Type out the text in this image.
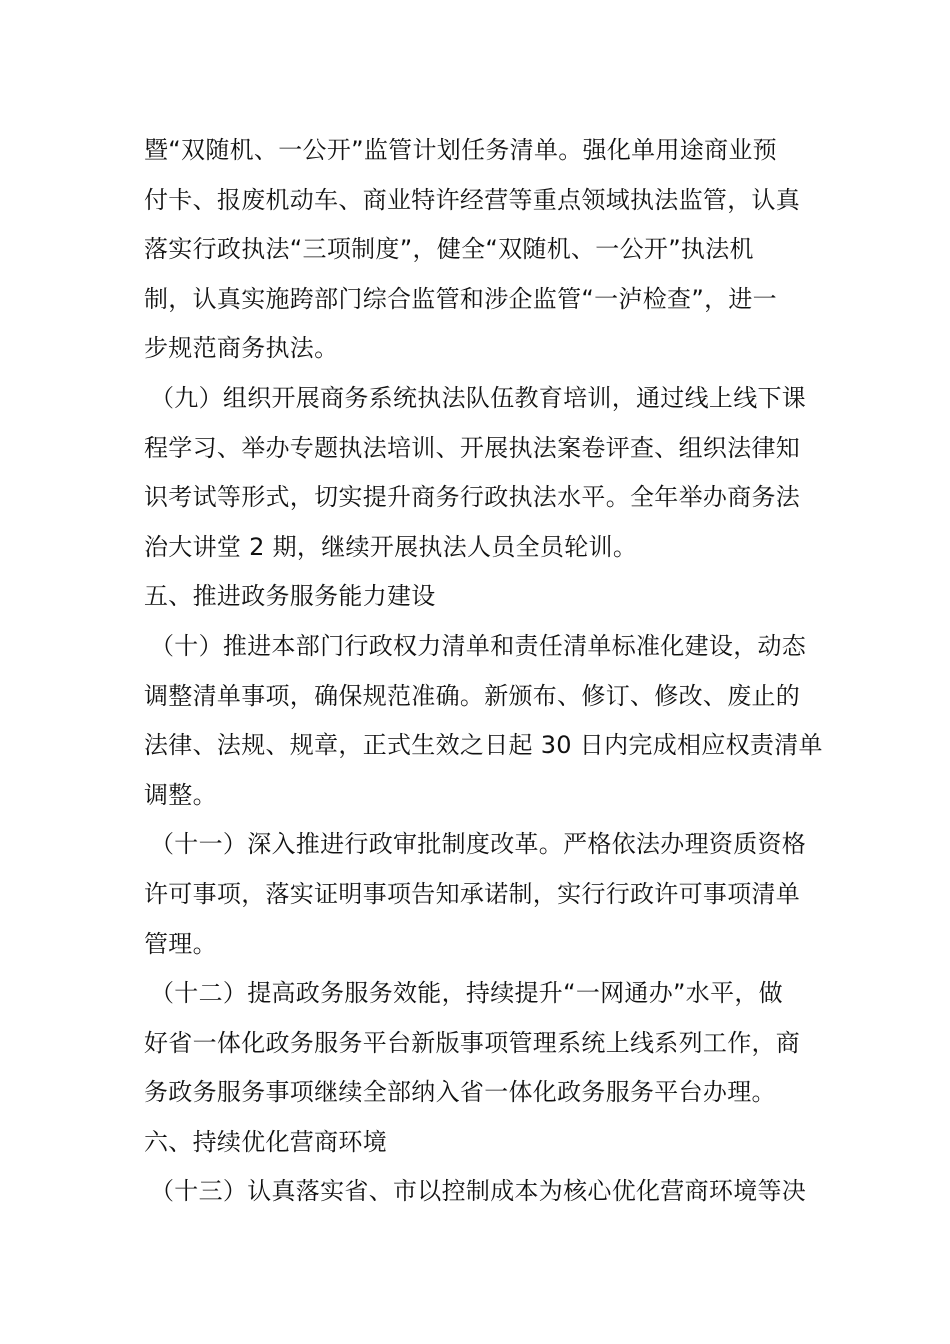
暨“双随机、一公开”监管计划任务清单。强化单用途商业预
付卡、报废机动车、商业特许经营等重点领域执法监管，认真
落实行政执法“三项制度”，健全“双随机、一公开”执法机
制，认真实施跨部门综合监管和涉企监管“一泸检查”，进一
步规范商务执法。
（九）组织开展商务系统执法队伍教育培训，通过线上线下课
程学习、举办专题执法培训、开展执法案卷评查、组织法律知
识考试等形式，切实提升商务行政执法水平。全年举办商务法
治大讲堂 2 期，继续开展执法人员全员轮训。
五、推进政务服务能力建设
（十）推进本部门行政权力清单和责任清单标准化建设，动态
调整清单事项，确保规范准确。新颁布、修订、修改、废止的
法律、法规、规章，正式生效之日起 30 日内完成相应权责清单
调整。
（十一）深入推进行政审批制度改革。严格依法办理资质资格
许可事项，落实证明事项告知承诺制，实行行政许可事项清单
管理。
（十二）提高政务服务效能，持续提升“一网通办”水平，做
好省一体化政务服务平台新版事项管理系统上线系列工作，商
务政务服务事项继续全部纳入省一体化政务服务平台办理。
六、持续优化营商环境
（十三）认真落实省、市以控制成本为核心优化营商环境等决
